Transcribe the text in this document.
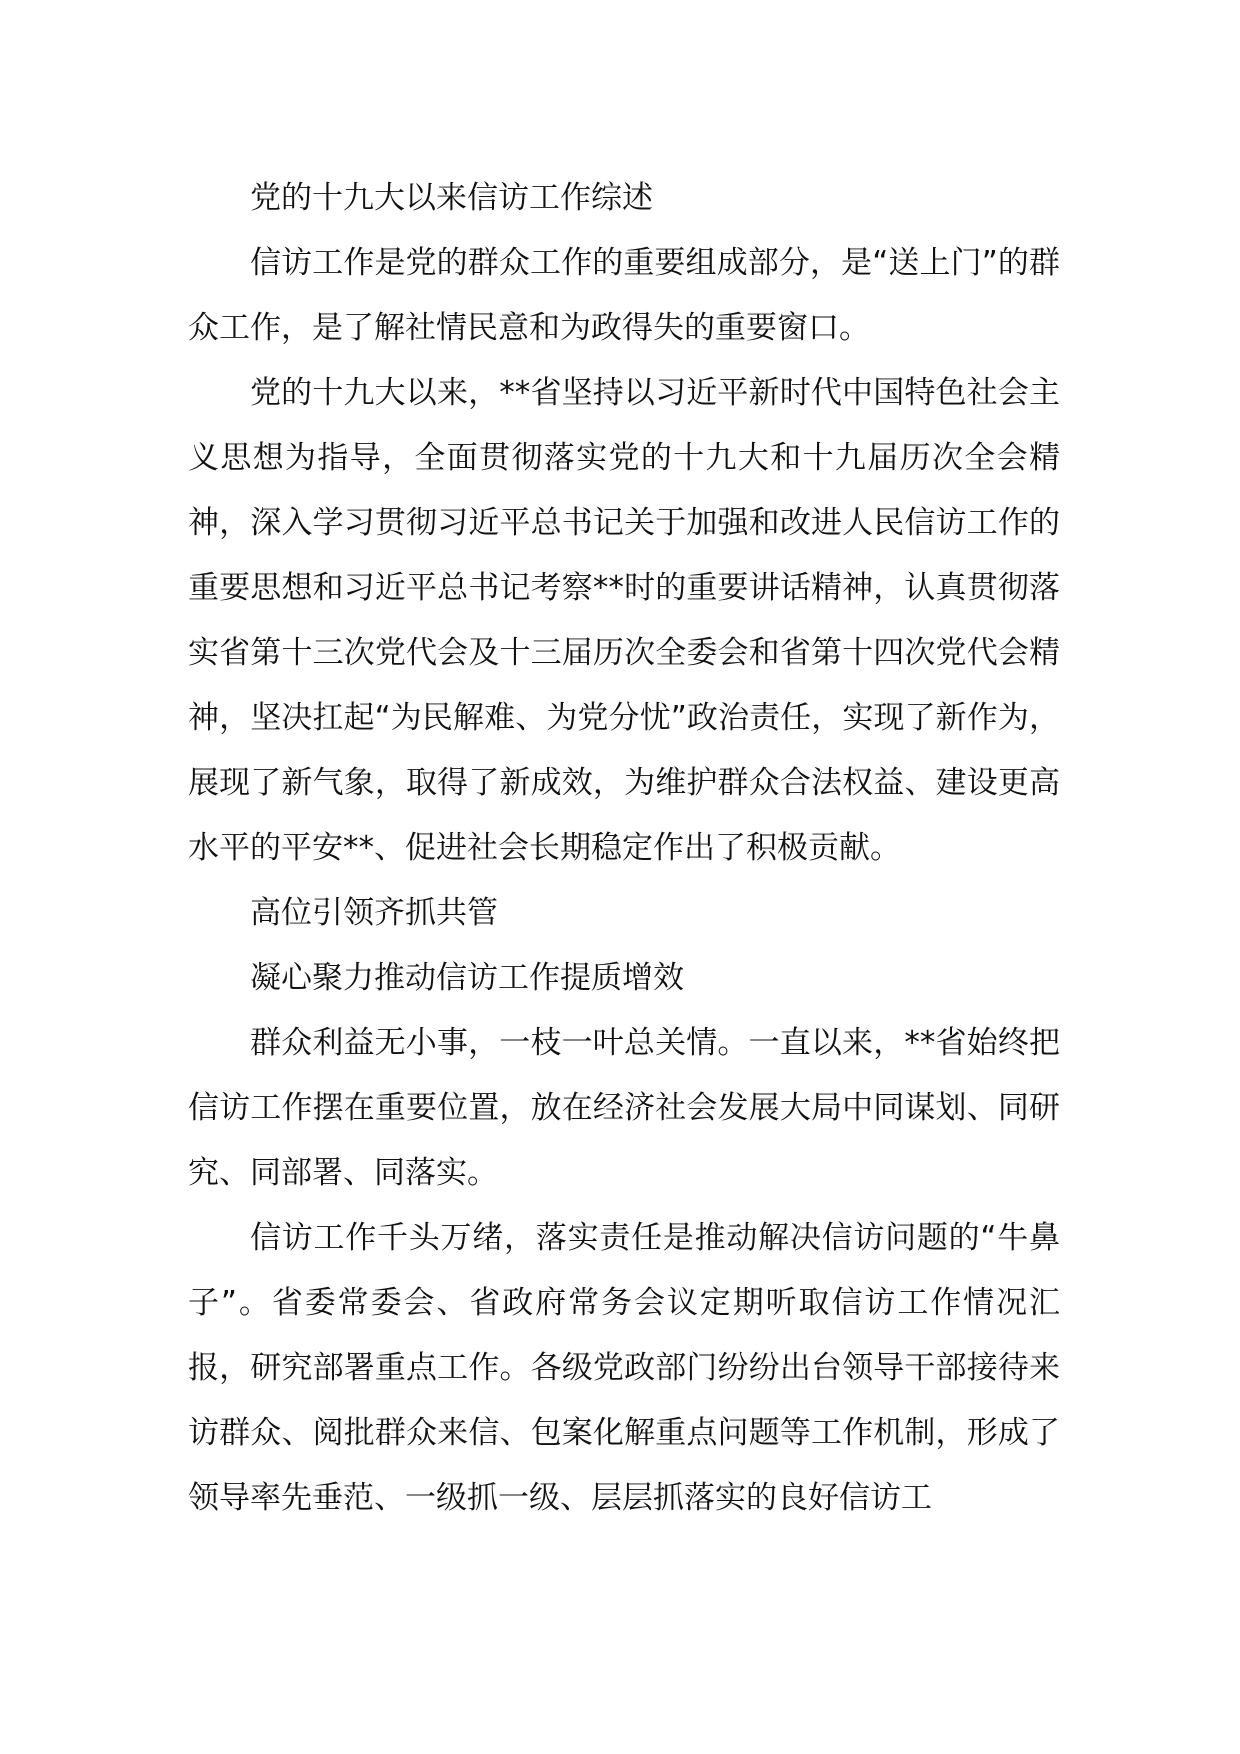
党的十九大以来信访工作综述

信访工作是党的群众工作的重要组成部分，是“送上门”的群众工作，是了解社情民意和为政得失的重要窗口。

党的十九大以来，**省坚持以习近平新时代中国特色社会主义思想为指导，全面贯彻落实党的十九大和十九届历次全会精神，深入学习贯彻习近平总书记关于加强和改进人民信访工作的重要思想和习近平总书记考察**时的重要讲话精神，认真贯彻落实省第十三次党代会及十三届历次全委会和省第十四次党代会精神，坚决扛起“为民解难、为党分忧”政治责任，实现了新作为，展现了新气象，取得了新成效，为维护群众合法权益、建设更高水平的平安**、促进社会长期稳定作出了积极贡献。

高位引领齐抓共管

凝心聚力推动信访工作提质增效

群众利益无小事，一枝一叶总关情。一直以来，**省始终把信访工作摆在重要位置，放在经济社会发展大局中同谋划、同研究、同部署、同落实。

信访工作千头万绪，落实责任是推动解决信访问题的“牛鼻子”。省委常委会、省政府常务会议定期听取信访工作情况汇报，研究部署重点工作。各级党政部门纷纷出台领导干部接待来访群众、阅批群众来信、包案化解重点问题等工作机制，形成了领导率先垂范、一级抓一级、层层抓落实的良好信访工
